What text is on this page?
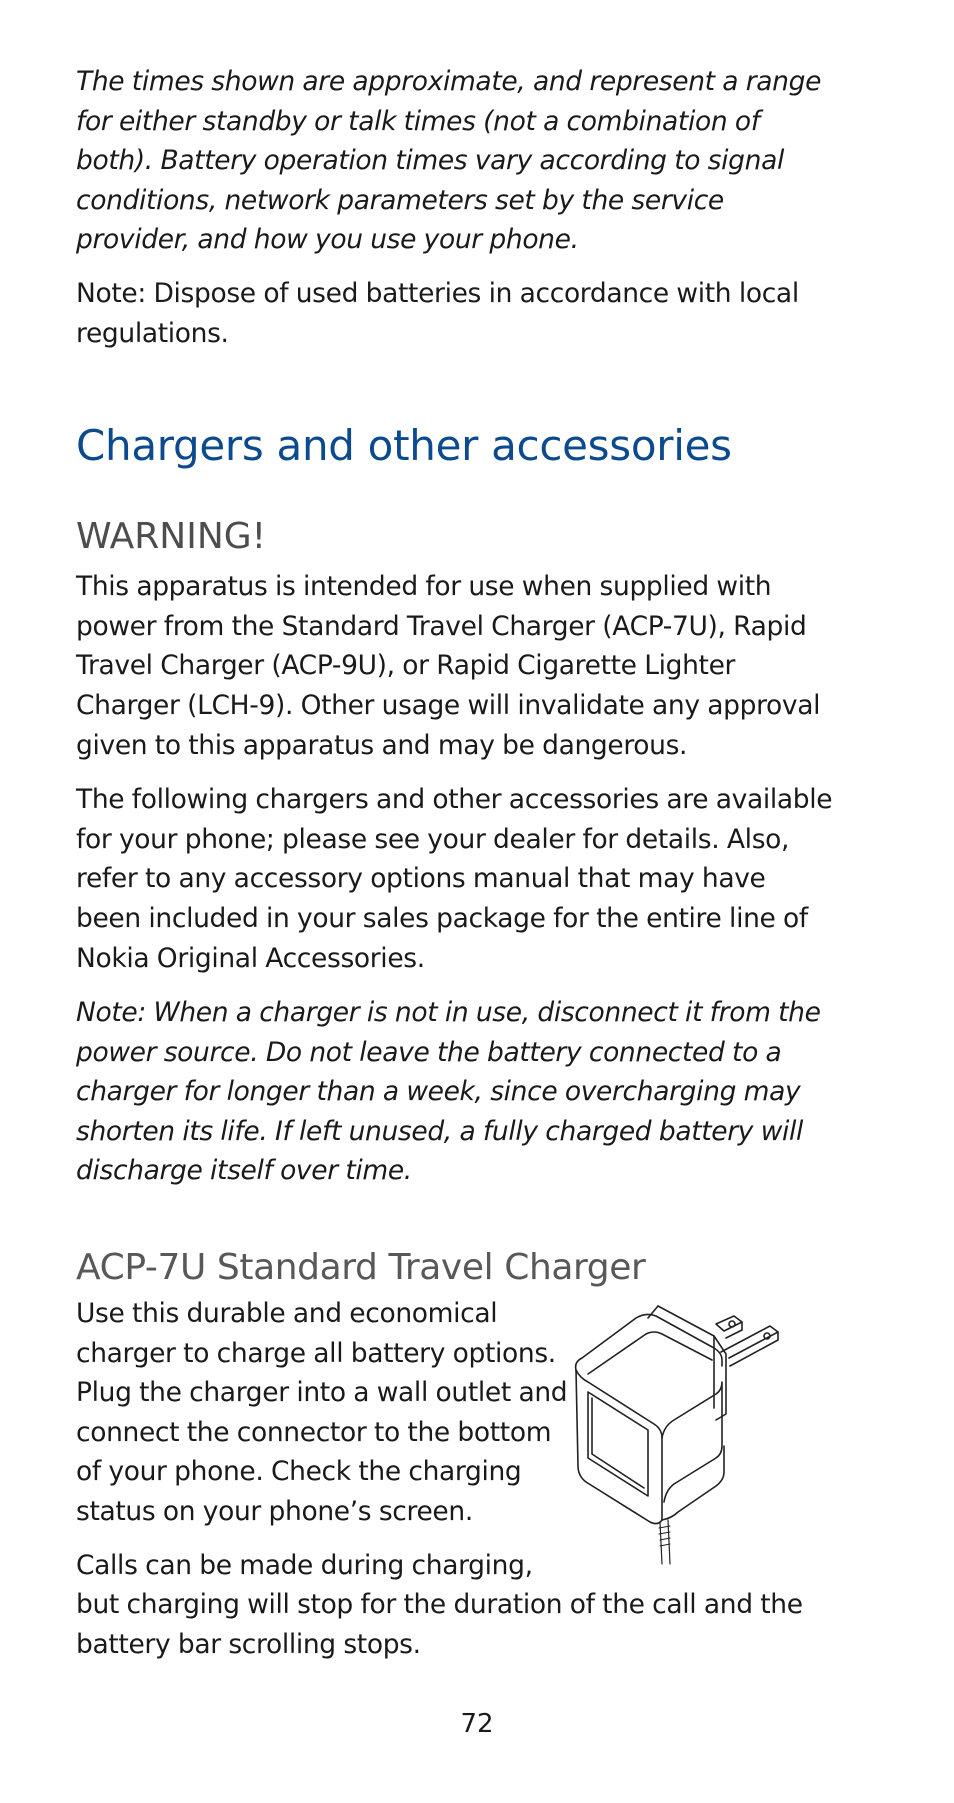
The times shown are approximate, and represent a range for either standby or talk times (not a combination of both). Battery operation times vary according to signal conditions, network parameters set by the service provider, and how you use your phone.

Note: Dispose of used batteries in accordance with local regulations.

Chargers and other accessories
WARNING!

This apparatus is intended for use when supplied with power from the Standard Travel Charger (ACP-7U), Rapid Travel Charger (ACP-9U), or Rapid Cigarette Lighter Charger (LCH-9). Other usage will invalidate any approval given to this apparatus and may be dangerous.

The following chargers and other accessories are available for your phone; please see your dealer for details. Also, refer to any accessory options manual that may have been included in your sales package for the entire line of Nokia Original Accessories.

Note: When a charger is not in use, disconnect it from the power source. Do not leave the battery connected to a charger for longer than a week, since overcharging may shorten its life. If left unused, a fully charged battery will discharge itself over time.

ACP-7U Standard Travel Charger

Use this durable and economical

charger to charge all battery options.

Plug the charger into a wall outlet and

connect the connector to the bottom

of your phone. Check the charging

status on your phone’s screen.

Calls can be made during charging,

but charging will stop for the duration of the call and the battery bar scrolling stops.

72
